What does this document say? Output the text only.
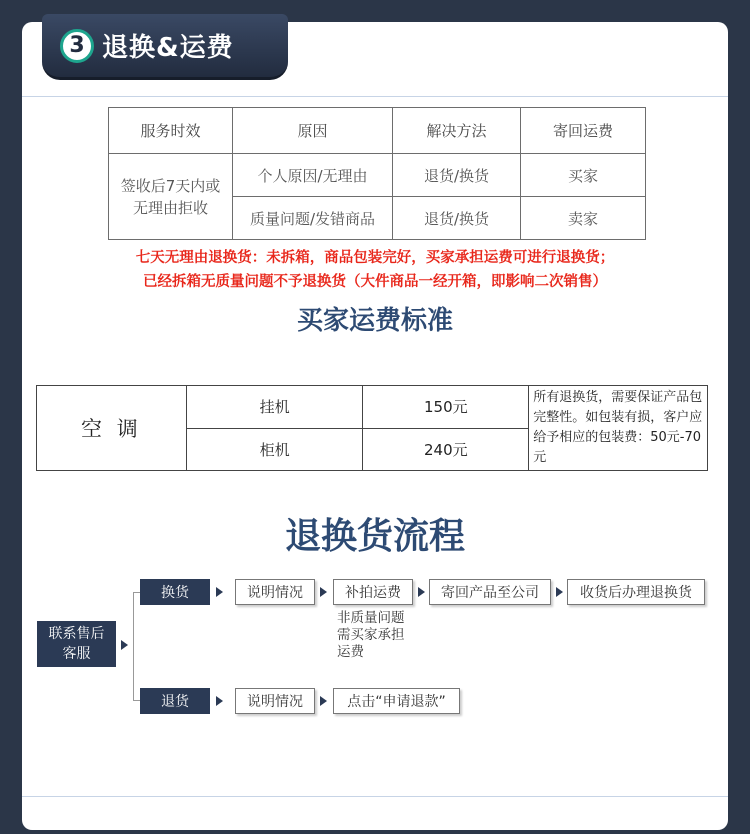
3 退换&运费
服务时效	原因	解决方法	寄回运费
签收后7天内或无理由拒收	个人原因/无理由	退货/换货	买家
	质量问题/发错商品	退货/换货	卖家
七天无理由退换货：未拆箱，商品包装完好，买家承担运费可进行退换货；
已经拆箱无质量问题不予退换货（大件商品一经开箱，即影响二次销售）
买家运费标准
空 调	挂机	150元	所有退换货，需要保证产品包完整性。如包装有损，客户应给予相应的包装费：50元-70元
	柜机	240元	
退换货流程
联系售后客服
换货	说明情况	补拍运费	寄回产品至公司	收货后办理退换货
非质量问题需买家承担运费
退货	说明情况	点击“申请退款”
